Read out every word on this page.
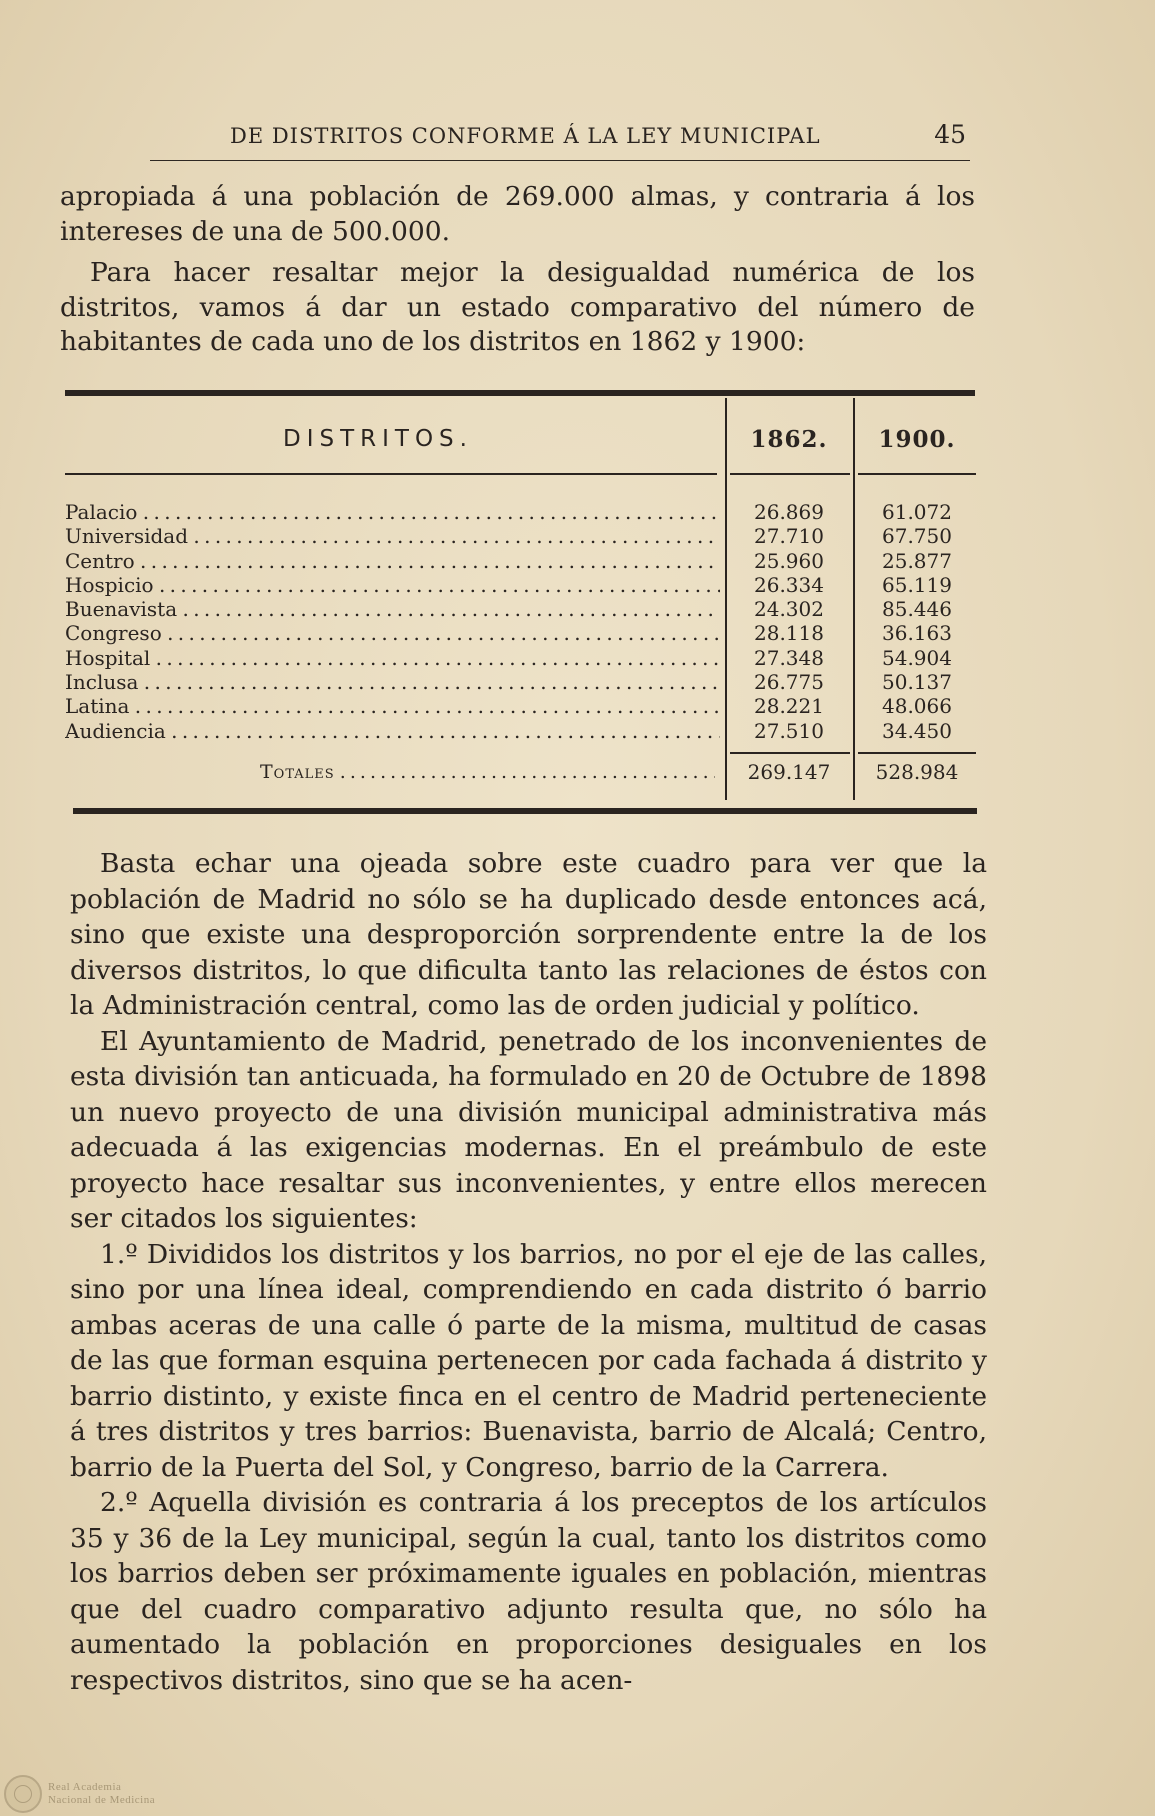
DE DISTRITOS CONFORME Á LA LEY MUNICIPAL	45

apropiada á una población de 269.000 almas, y contraria á los intereses de una de 500.000.

Para hacer resaltar mejor la desigualdad numérica de los distritos, vamos á dar un estado comparativo del número de habitantes de cada uno de los distritos en 1862 y 1900:

DISTRITOS.	1862.	1900.
Palacio . . .	26.869	61.072
Universidad . . .	27.710	67.750
Centro . . .	25.960	25.877
Hospicio . . .	26.334	65.119
Buenavista . . .	24.302	85.446
Congreso . . .	28.118	36.163
Hospital . . .	27.348	54.904
Inclusa . . .	26.775	50.137
Latina . . .	28.221	48.066
Audiencia . . .	27.510	34.450
Totales . . .	269.147	528.984

Basta echar una ojeada sobre este cuadro para ver que la población de Madrid no sólo se ha duplicado desde entonces acá, sino que existe una desproporción sorprendente entre la de los diversos distritos, lo que dificulta tanto las relaciones de éstos con la Administración central, como las de orden judicial y político.

El Ayuntamiento de Madrid, penetrado de los inconvenientes de esta división tan anticuada, ha formulado en 20 de Octubre de 1898 un nuevo proyecto de una división municipal administrativa más adecuada á las exigencias modernas. En el preámbulo de este proyecto hace resaltar sus inconvenientes, y entre ellos merecen ser citados los siguientes:

1.º Divididos los distritos y los barrios, no por el eje de las calles, sino por una línea ideal, comprendiendo en cada distrito ó barrio ambas aceras de una calle ó parte de la misma, multitud de casas de las que forman esquina pertenecen por cada fachada á distrito y barrio distinto, y existe finca en el centro de Madrid perteneciente á tres distritos y tres barrios: Buenavista, barrio de Alcalá; Centro, barrio de la Puerta del Sol, y Congreso, barrio de la Carrera.

2.º Aquella división es contraria á los preceptos de los artículos 35 y 36 de la Ley municipal, según la cual, tanto los distritos como los barrios deben ser próximamente iguales en población, mientras que del cuadro comparativo adjunto resulta que, no sólo ha aumentado la población en proporciones desiguales en los respectivos distritos, sino que se ha acen-

Real Academia
Nacional de Medicina
